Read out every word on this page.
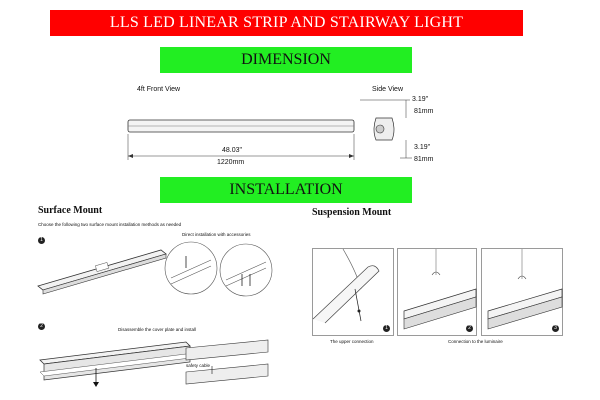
LLS LED LINEAR STRIP AND STAIRWAY LIGHT
DIMENSION
4ft Front View
48.03"
1220mm
Side View
3.19"
81mm
3.19"
81mm
INSTALLATION
Surface Mount
Choose the following two surface mount installation methods as needed
Direct installation with accessories
1
2
Disassemble the cover plate and install
safety cable
Suspension Mount
1	2	3
The upper connection	Connection to the luminaire
